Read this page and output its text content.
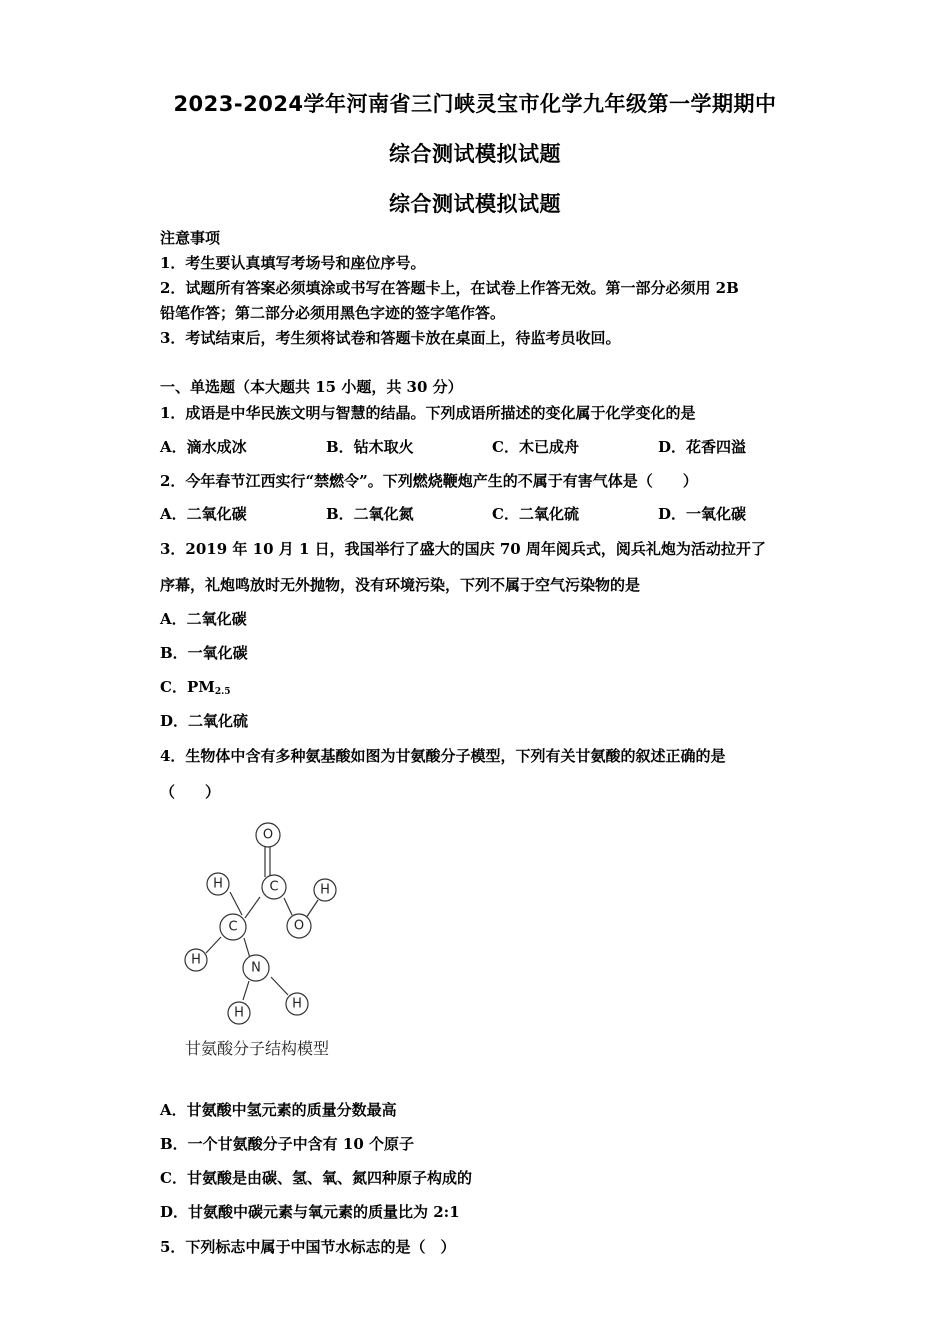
2023-2024学年河南省三门峡灵宝市化学九年级第一学期期中
综合测试模拟试题
综合测试模拟试题
注意事项
1．考生要认真填写考场号和座位序号。
2．试题所有答案必须填涂或书写在答题卡上，在试卷上作答无效。第一部分必须用 2B
铅笔作答；第二部分必须用黑色字迹的签字笔作答。
3．考试结束后，考生须将试卷和答题卡放在桌面上，待监考员收回。
一、单选题（本大题共 15 小题，共 30 分）
1．成语是中华民族文明与智慧的结晶。下列成语所描述的变化属于化学变化的是
A．滴水成冰	B．钻木取火	C．木已成舟	D．花香四溢
2．今年春节江西实行“禁燃令”。下列燃烧鞭炮产生的不属于有害气体是（　　）
A．二氧化碳	B．二氧化氮	C．二氧化硫	D．一氧化碳
3．2019 年 10 月 1 日，我国举行了盛大的国庆 70 周年阅兵式，阅兵礼炮为活动拉开了
序幕，礼炮鸣放时无外抛物，没有环境污染，下列不属于空气污染物的是
A．二氧化碳
B．一氧化碳
C．$PM_{2.5}$
D．二氧化硫
4．生物体中含有多种氨基酸如图为甘氨酸分子模型，下列有关甘氨酸的叙述正确的是
（　　）
O
C	H
H
C	O
H
N
H
H
甘氨酸分子结构模型
A．甘氨酸中氢元素的质量分数最高
B．一个甘氨酸分子中含有 10 个原子
C．甘氨酸是由碳、氢、氧、氮四种原子构成的
D．甘氨酸中碳元素与氧元素的质量比为 2:1
5．下列标志中属于中国节水标志的是（　）
